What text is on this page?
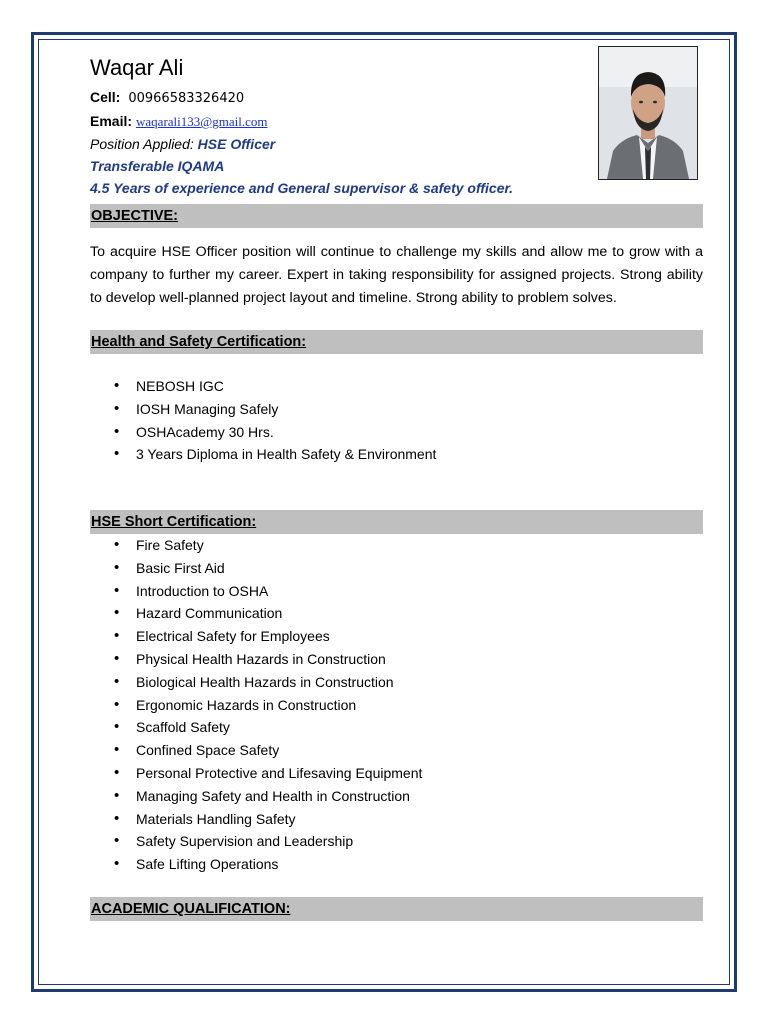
Waqar Ali
Cell: 00966583326420
Email: waqarali133@gmail.com
Position Applied: HSE Officer
Transferable IQAMA
4.5 Years of experience and General supervisor & safety officer.
OBJECTIVE:
To acquire HSE Officer position will continue to challenge my skills and allow me to grow with a company to further my career. Expert in taking responsibility for assigned projects. Strong ability to develop well-planned project layout and timeline. Strong ability to problem solves.
Health and Safety Certification:
• NEBOSH IGC
• IOSH Managing Safely
• OSHAcademy 30 Hrs.
• 3 Years Diploma in Health Safety & Environment
HSE Short Certification:
• Fire Safety
• Basic First Aid
• Introduction to OSHA
• Hazard Communication
• Electrical Safety for Employees
• Physical Health Hazards in Construction
• Biological Health Hazards in Construction
• Ergonomic Hazards in Construction
• Scaffold Safety
• Confined Space Safety
• Personal Protective and Lifesaving Equipment
• Managing Safety and Health in Construction
• Materials Handling Safety
• Safety Supervision and Leadership
• Safe Lifting Operations
ACADEMIC QUALIFICATION:
